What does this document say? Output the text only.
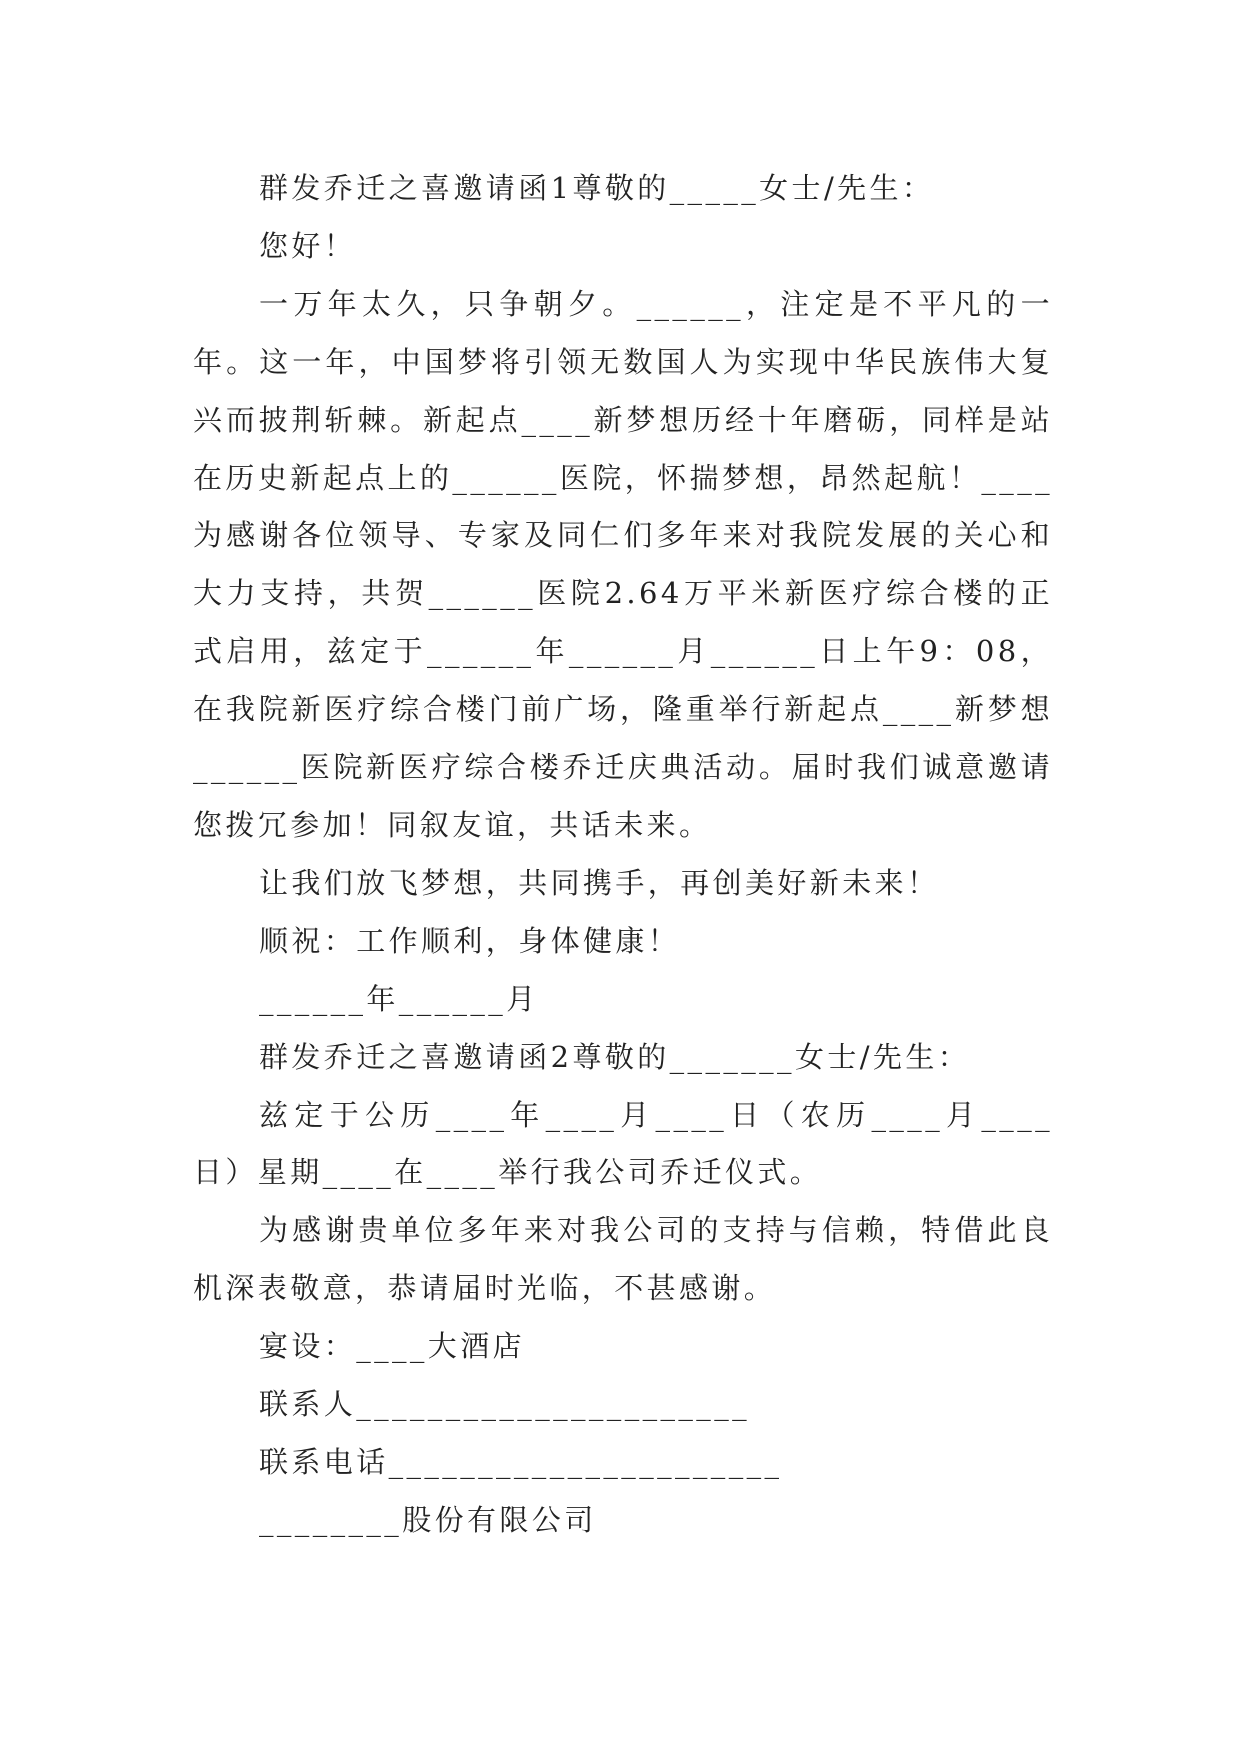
群发乔迁之喜邀请函1尊敬的_____女士/先生：

您好！

一万年太久，只争朝夕。______，注定是不平凡的一年。这一年，中国梦将引领无数国人为实现中华民族伟大复兴而披荆斩棘。新起点____新梦想历经十年磨砺，同样是站在历史新起点上的______医院，怀揣梦想，昂然起航！____为感谢各位领导、专家及同仁们多年来对我院发展的关心和大力支持，共贺______医院2.64万平米新医疗综合楼的正式启用，兹定于______年______月______日上午9：08，在我院新医疗综合楼门前广场，隆重举行新起点____新梦想______医院新医疗综合楼乔迁庆典活动。届时我们诚意邀请您拨冗参加！同叙友谊，共话未来。

让我们放飞梦想，共同携手，再创美好新未来！

顺祝：工作顺利，身体健康！

______年______月

群发乔迁之喜邀请函2尊敬的_______女士/先生：

兹定于公历____年____月____日（农历____月____日）星期____在____举行我公司乔迁仪式。

为感谢贵单位多年来对我公司的支持与信赖，特借此良机深表敬意，恭请届时光临，不甚感谢。

宴设：____大酒店

联系人______________________

联系电话______________________

________股份有限公司
